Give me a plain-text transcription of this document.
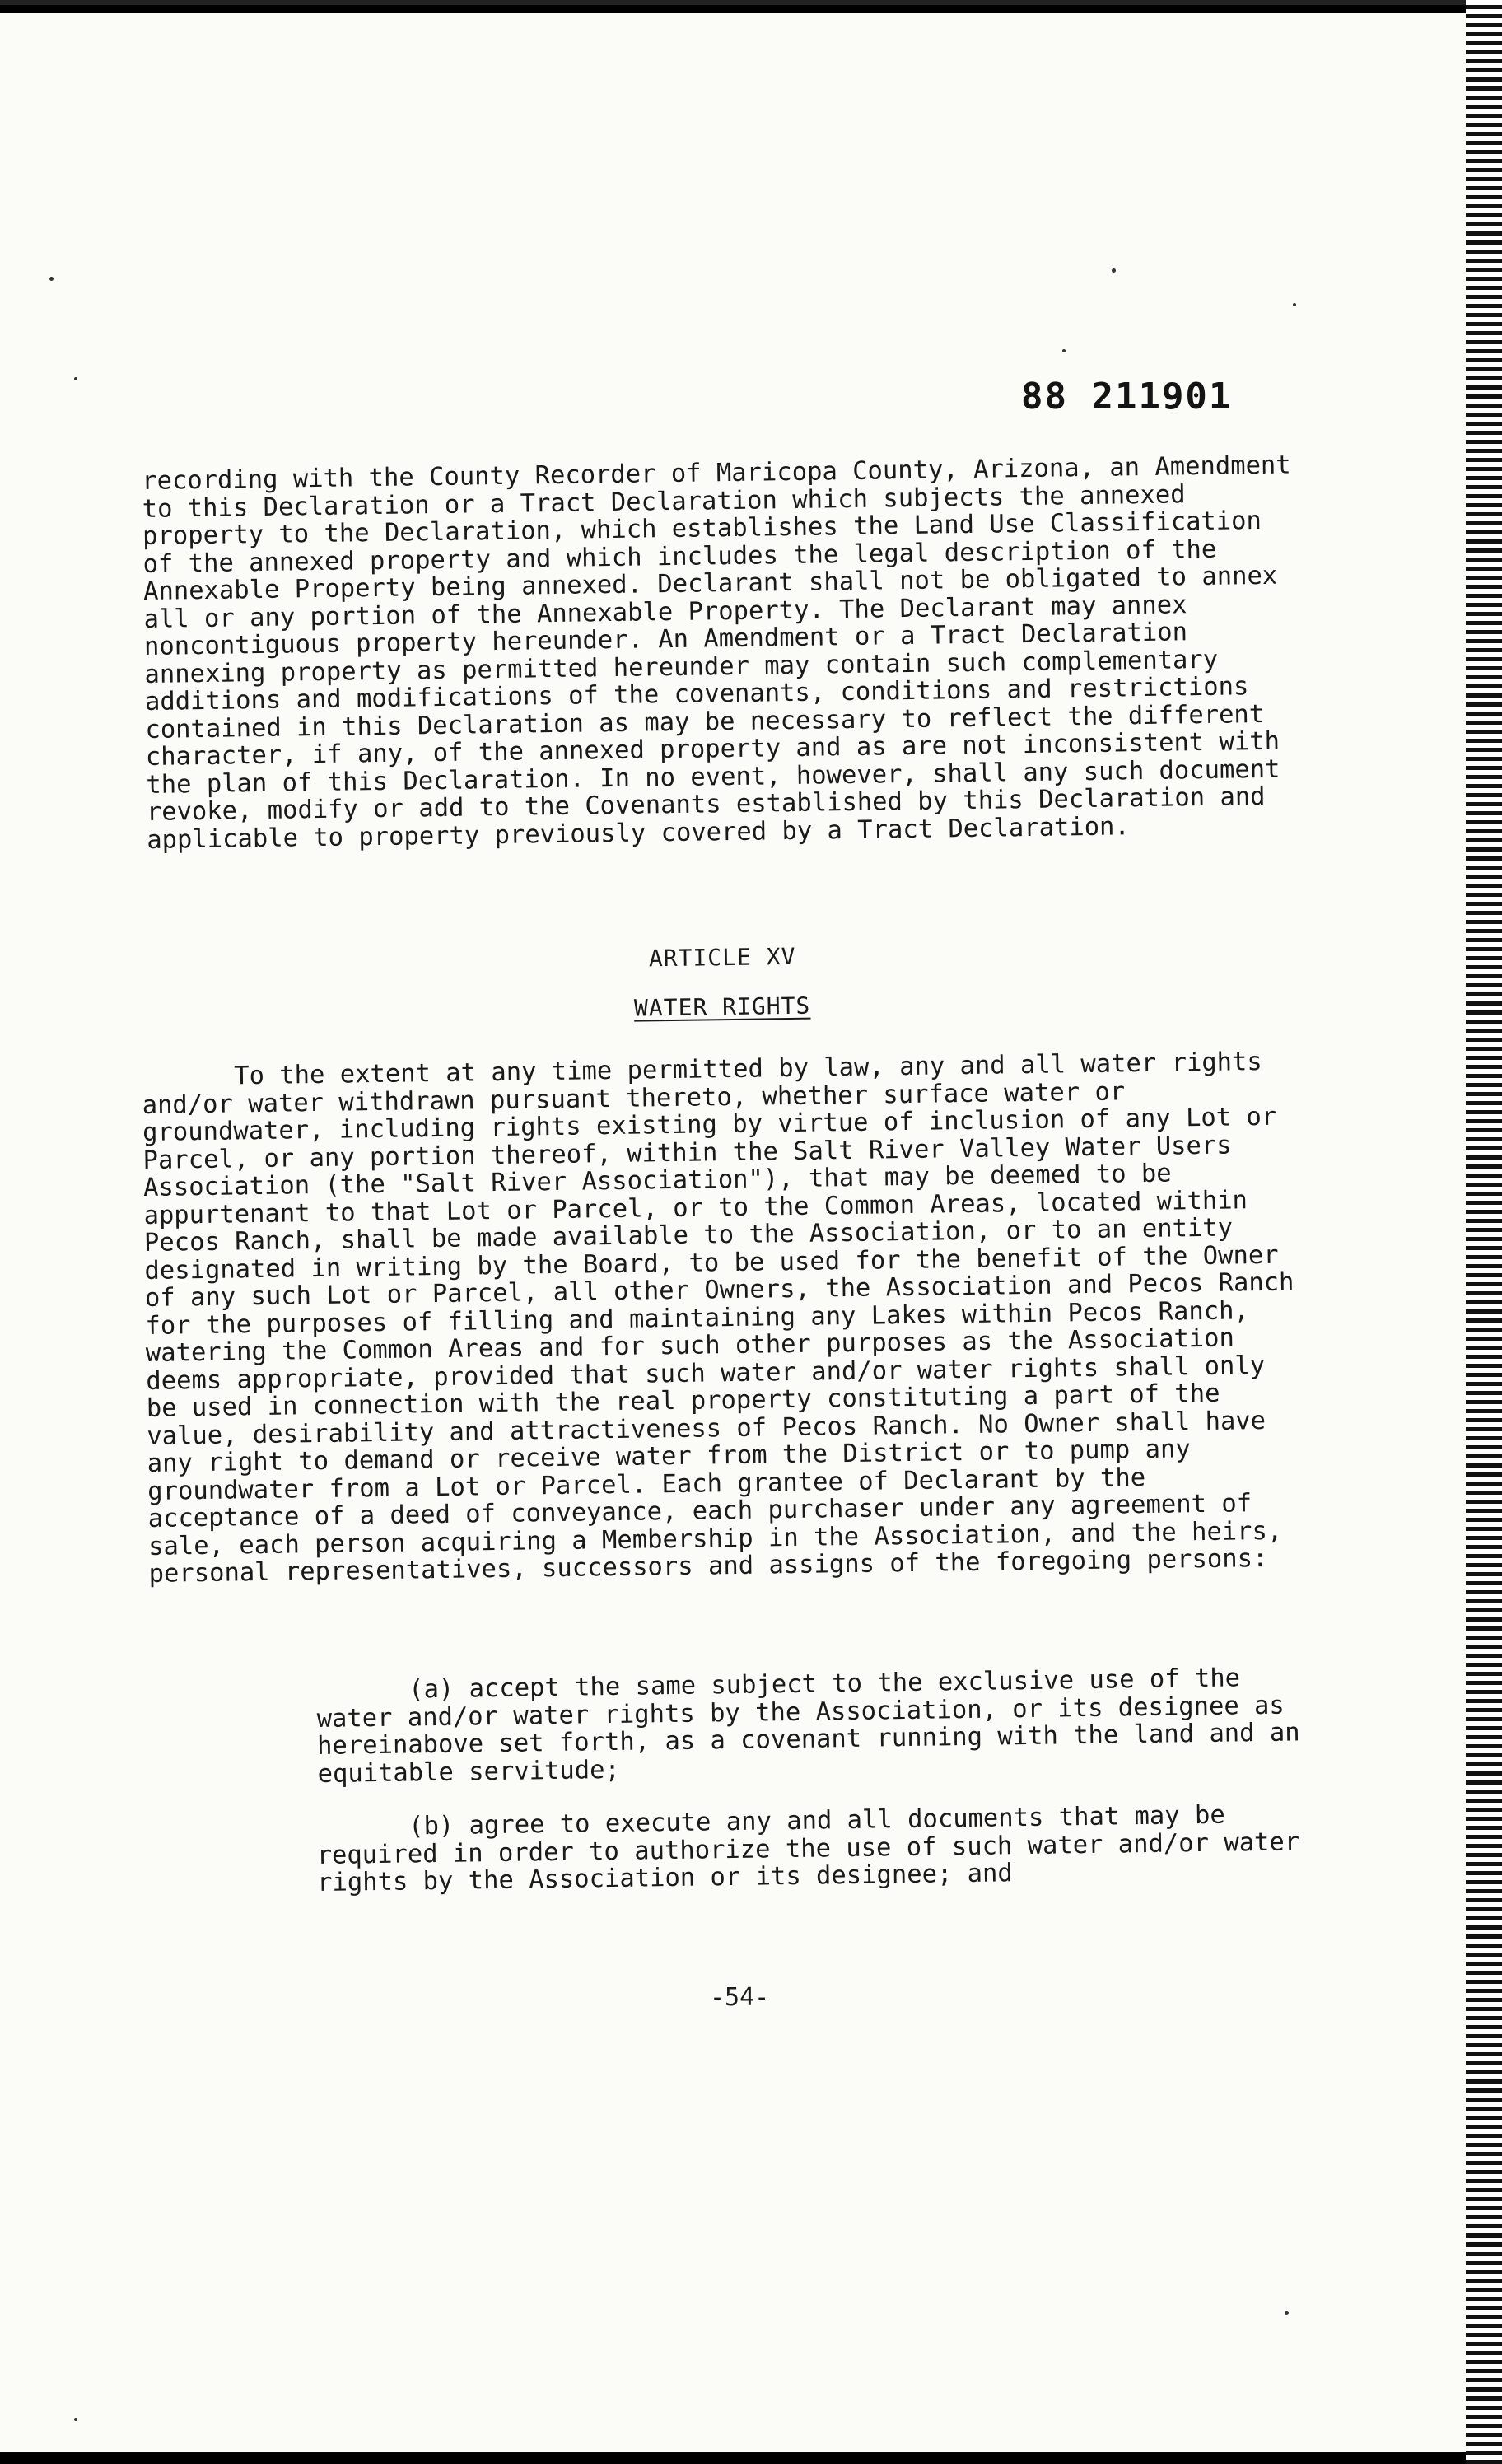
88 211901

recording with the County Recorder of Maricopa County, Arizona, an Amendment to this Declaration or a Tract Declaration which subjects the annexed property to the Declaration, which establishes the Land Use Classification of the annexed property and which includes the legal description of the Annexable Property being annexed. Declarant shall not be obligated to annex all or any portion of the Annexable Property. The Declarant may annex noncontiguous property hereunder. An Amendment or a Tract Declaration annexing property as permitted hereunder may contain such complementary additions and modifications of the covenants, conditions and restrictions contained in this Declaration as may be necessary to reflect the different character, if any, of the annexed property and as are not inconsistent with the plan of this Declaration. In no event, however, shall any such document revoke, modify or add to the Covenants established by this Declaration and applicable to property previously covered by a Tract Declaration.

ARTICLE XV

WATER RIGHTS

To the extent at any time permitted by law, any and all water rights and/or water withdrawn pursuant thereto, whether surface water or groundwater, including rights existing by virtue of inclusion of any Lot or Parcel, or any portion thereof, within the Salt River Valley Water Users Association (the "Salt River Association"), that may be deemed to be appurtenant to that Lot or Parcel, or to the Common Areas, located within Pecos Ranch, shall be made available to the Association, or to an entity designated in writing by the Board, to be used for the benefit of the Owner of any such Lot or Parcel, all other Owners, the Association and Pecos Ranch for the purposes of filling and maintaining any Lakes within Pecos Ranch, watering the Common Areas and for such other purposes as the Association deems appropriate, provided that such water and/or water rights shall only be used in connection with the real property constituting a part of the value, desirability and attractiveness of Pecos Ranch. No Owner shall have any right to demand or receive water from the District or to pump any groundwater from a Lot or Parcel. Each grantee of Declarant by the acceptance of a deed of conveyance, each purchaser under any agreement of sale, each person acquiring a Membership in the Association, and the heirs, personal representatives, successors and assigns of the foregoing persons:

(a) accept the same subject to the exclusive use of the water and/or water rights by the Association, or its designee as hereinabove set forth, as a covenant running with the land and an equitable servitude;

(b) agree to execute any and all documents that may be required in order to authorize the use of such water and/or water rights by the Association or its designee; and

-54-
